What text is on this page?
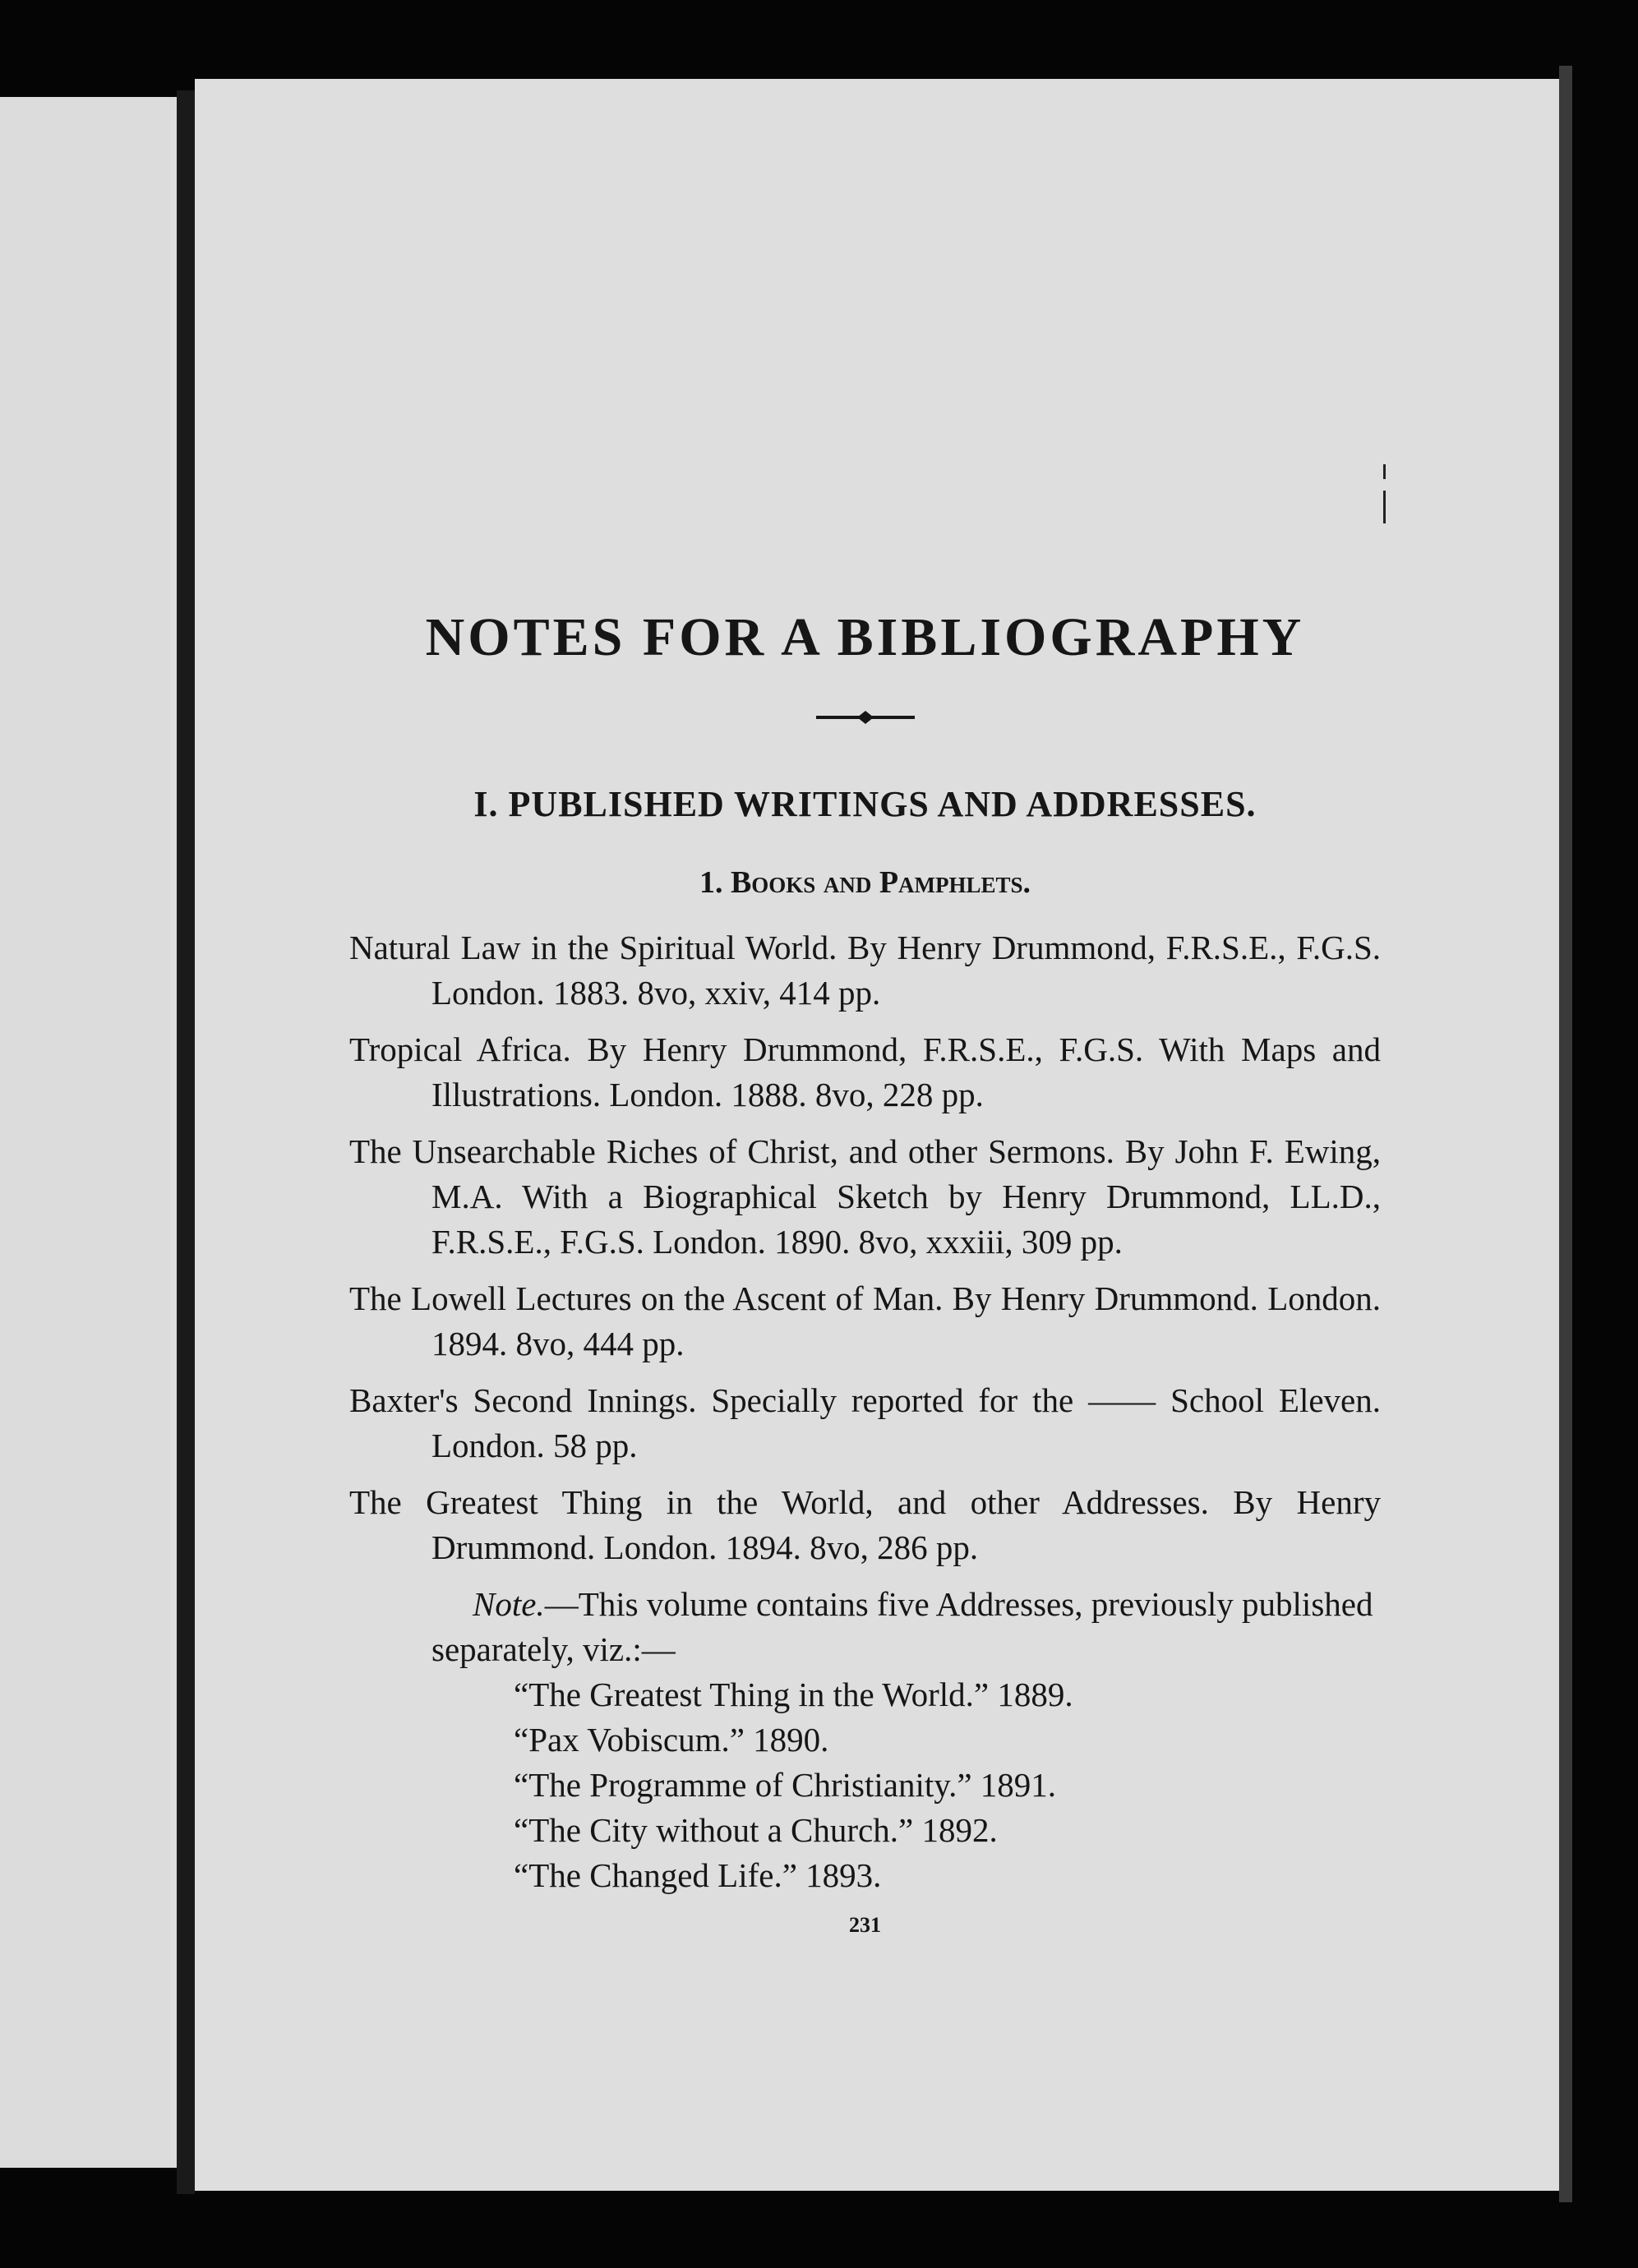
NOTES FOR A BIBLIOGRAPHY
I. PUBLISHED WRITINGS AND ADDRESSES.
1. Books and Pamphlets.

Natural Law in the Spiritual World. By Henry Drummond, F.R.S.E., F.G.S. London. 1883. 8vo, xxiv, 414 pp.

Tropical Africa. By Henry Drummond, F.R.S.E., F.G.S. With Maps and Illustrations. London. 1888. 8vo, 228 pp.

The Unsearchable Riches of Christ, and other Sermons. By John F. Ewing, M.A. With a Biographical Sketch by Henry Drummond, LL.D., F.R.S.E., F.G.S. London. 1890. 8vo, xxxiii, 309 pp.

The Lowell Lectures on the Ascent of Man. By Henry Drummond. London. 1894. 8vo, 444 pp.

Baxter's Second Innings. Specially reported for the —— School Eleven. London. 58 pp.

The Greatest Thing in the World, and other Addresses. By Henry Drummond. London. 1894. 8vo, 286 pp.

Note.—This volume contains five Addresses, previously published separately, viz.:—

“The Greatest Thing in the World.” 1889.
“Pax Vobiscum.” 1890.
“The Programme of Christianity.” 1891.
“The City without a Church.” 1892.
“The Changed Life.” 1893.
231
